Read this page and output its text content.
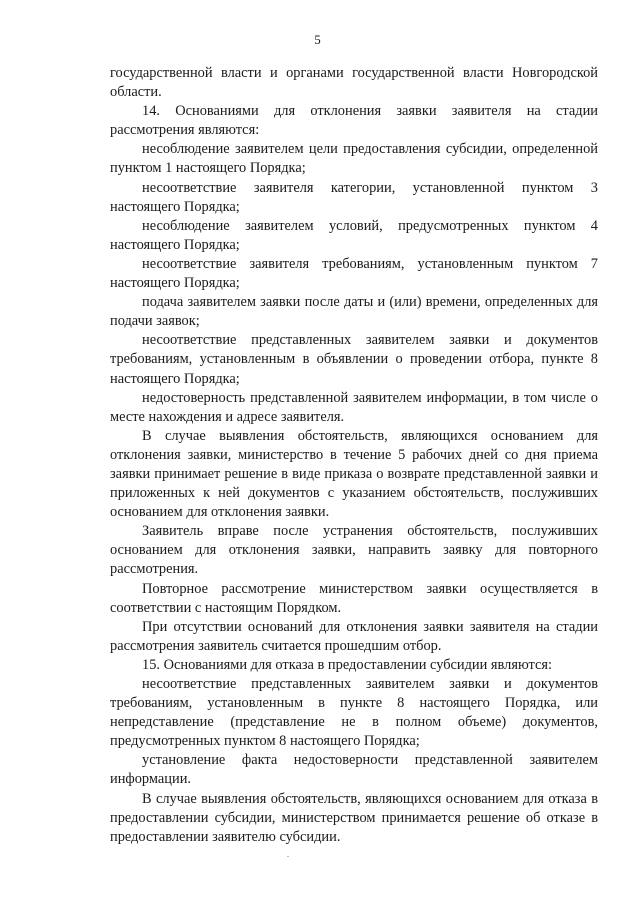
5

государственной власти и органами государственной власти Новгородской области.

14. Основаниями для отклонения заявки заявителя на стадии рассмотрения являются:

несоблюдение заявителем цели предоставления субсидии, определенной пунктом 1 настоящего Порядка;

несоответствие заявителя категории, установленной пунктом 3 настоящего Порядка;

несоблюдение заявителем условий, предусмотренных пунктом 4 настоящего Порядка;

несоответствие заявителя требованиям, установленным пунктом 7 настоящего Порядка;

подача заявителем заявки после даты и (или) времени, определенных для подачи заявок;

несоответствие представленных заявителем заявки и документов требованиям, установленным в объявлении о проведении отбора, пункте 8 настоящего Порядка;

недостоверность представленной заявителем информации, в том числе о месте нахождения и адресе заявителя.

В случае выявления обстоятельств, являющихся основанием для отклонения заявки, министерство в течение 5 рабочих дней со дня приема заявки принимает решение в виде приказа о возврате представленной заявки и приложенных к ней документов с указанием обстоятельств, послуживших основанием для отклонения заявки.

Заявитель вправе после устранения обстоятельств, послуживших основанием для отклонения заявки, направить заявку для повторного рассмотрения.

Повторное рассмотрение министерством заявки осуществляется в соответствии с настоящим Порядком.

При отсутствии оснований для отклонения заявки заявителя на стадии рассмотрения заявитель считается прошедшим отбор.

15. Основаниями для отказа в предоставлении субсидии являются:

несоответствие представленных заявителем заявки и документов требованиям, установленным в пункте 8 настоящего Порядка, или непредставление (представление не в полном объеме) документов, предусмотренных пунктом 8 настоящего Порядка;

установление факта недостоверности представленной заявителем информации.

В случае выявления обстоятельств, являющихся основанием для отказа в предоставлении субсидии, министерством принимается решение об отказе в предоставлении заявителю субсидии.
